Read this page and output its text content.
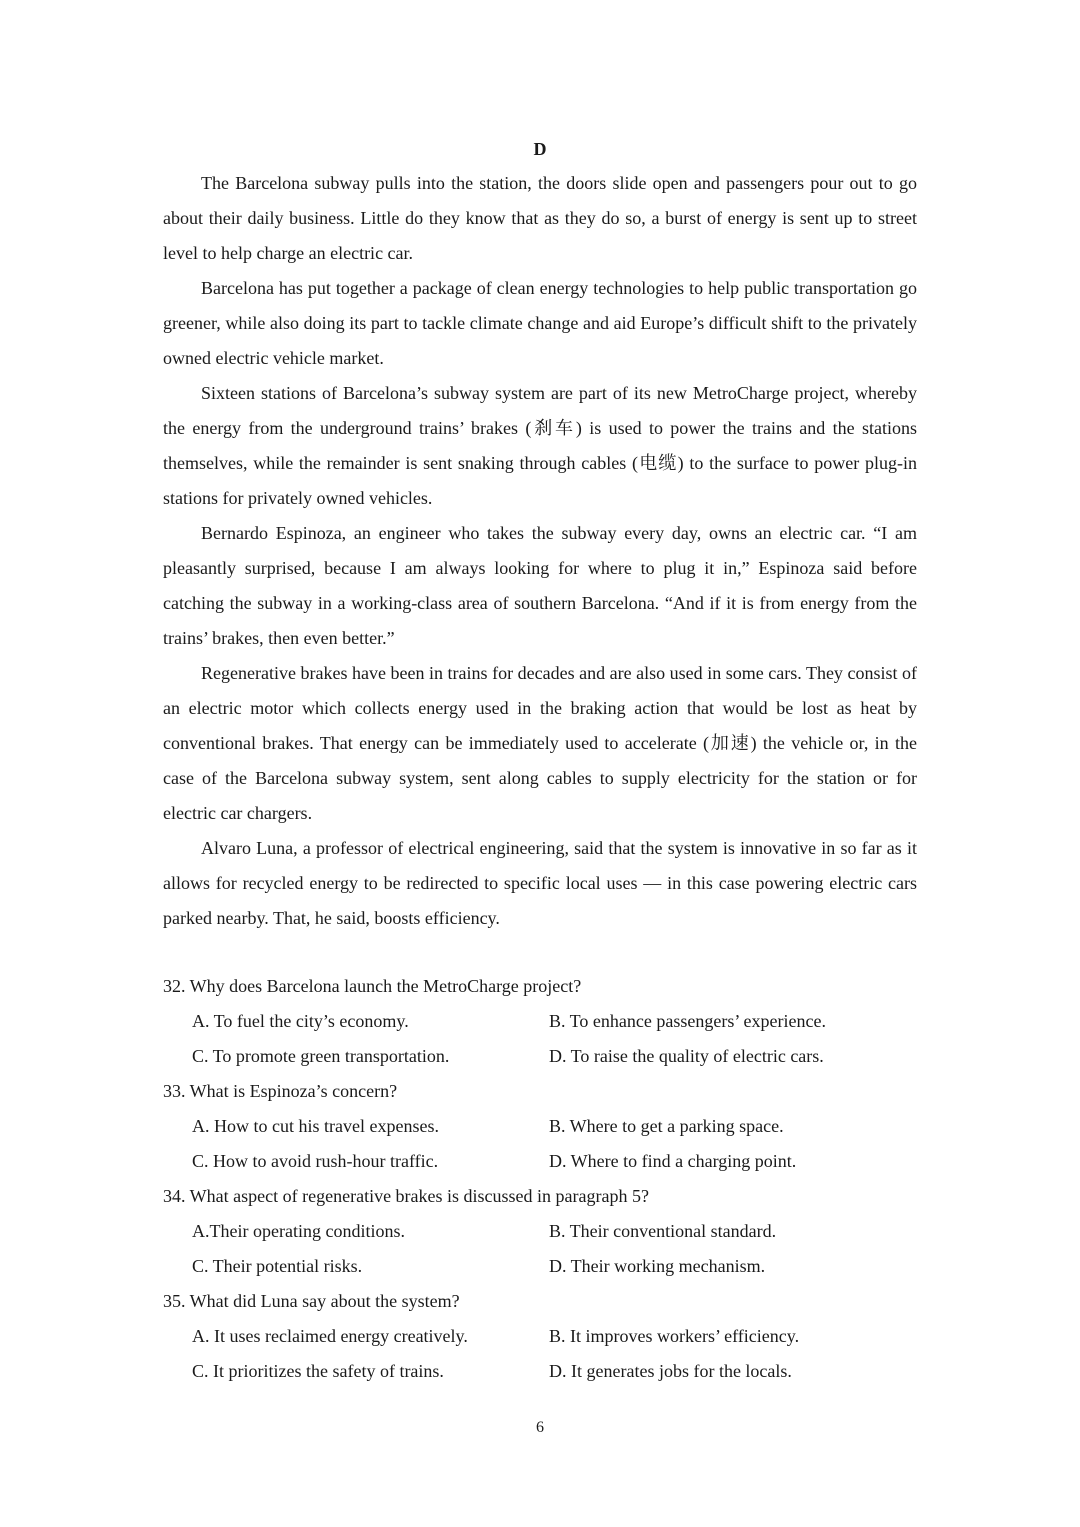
D

The Barcelona subway pulls into the station, the doors slide open and passengers pour out to go about their daily business. Little do they know that as they do so, a burst of energy is sent up to street level to help charge an electric car.

Barcelona has put together a package of clean energy technologies to help public transportation go greener, while also doing its part to tackle climate change and aid Europe’s difficult shift to the privately owned electric vehicle market.

Sixteen stations of Barcelona’s subway system are part of its new MetroCharge project, whereby the energy from the underground trains’ brakes (刹车) is used to power the trains and the stations themselves, while the remainder is sent snaking through cables (电缆) to the surface to power plug-in stations for privately owned vehicles.

Bernardo Espinoza, an engineer who takes the subway every day, owns an electric car. “I am pleasantly surprised, because I am always looking for where to plug it in,” Espinoza said before catching the subway in a working-class area of southern Barcelona. “And if it is from energy from the trains’ brakes, then even better.”

Regenerative brakes have been in trains for decades and are also used in some cars. They consist of an electric motor which collects energy used in the braking action that would be lost as heat by conventional brakes. That energy can be immediately used to accelerate (加速) the vehicle or, in the case of the Barcelona subway system, sent along cables to supply electricity for the station or for electric car chargers.

Alvaro Luna, a professor of electrical engineering, said that the system is innovative in so far as it allows for recycled energy to be redirected to specific local uses — in this case powering electric cars parked nearby. That, he said, boosts efficiency.

32. Why does Barcelona launch the MetroCharge project?
A. To fuel the city’s economy.	B. To enhance passengers’ experience.
C. To promote green transportation.	D. To raise the quality of electric cars.
33. What is Espinoza’s concern?
A. How to cut his travel expenses.	B. Where to get a parking space.
C. How to avoid rush-hour traffic.	D. Where to find a charging point.
34. What aspect of regenerative brakes is discussed in paragraph 5?
A.Their operating conditions.	B. Their conventional standard.
C. Their potential risks.	D. Their working mechanism.
35. What did Luna say about the system?
A. It uses reclaimed energy creatively.	B. It improves workers’ efficiency.
C. It prioritizes the safety of trains.	D. It generates jobs for the locals.
6
